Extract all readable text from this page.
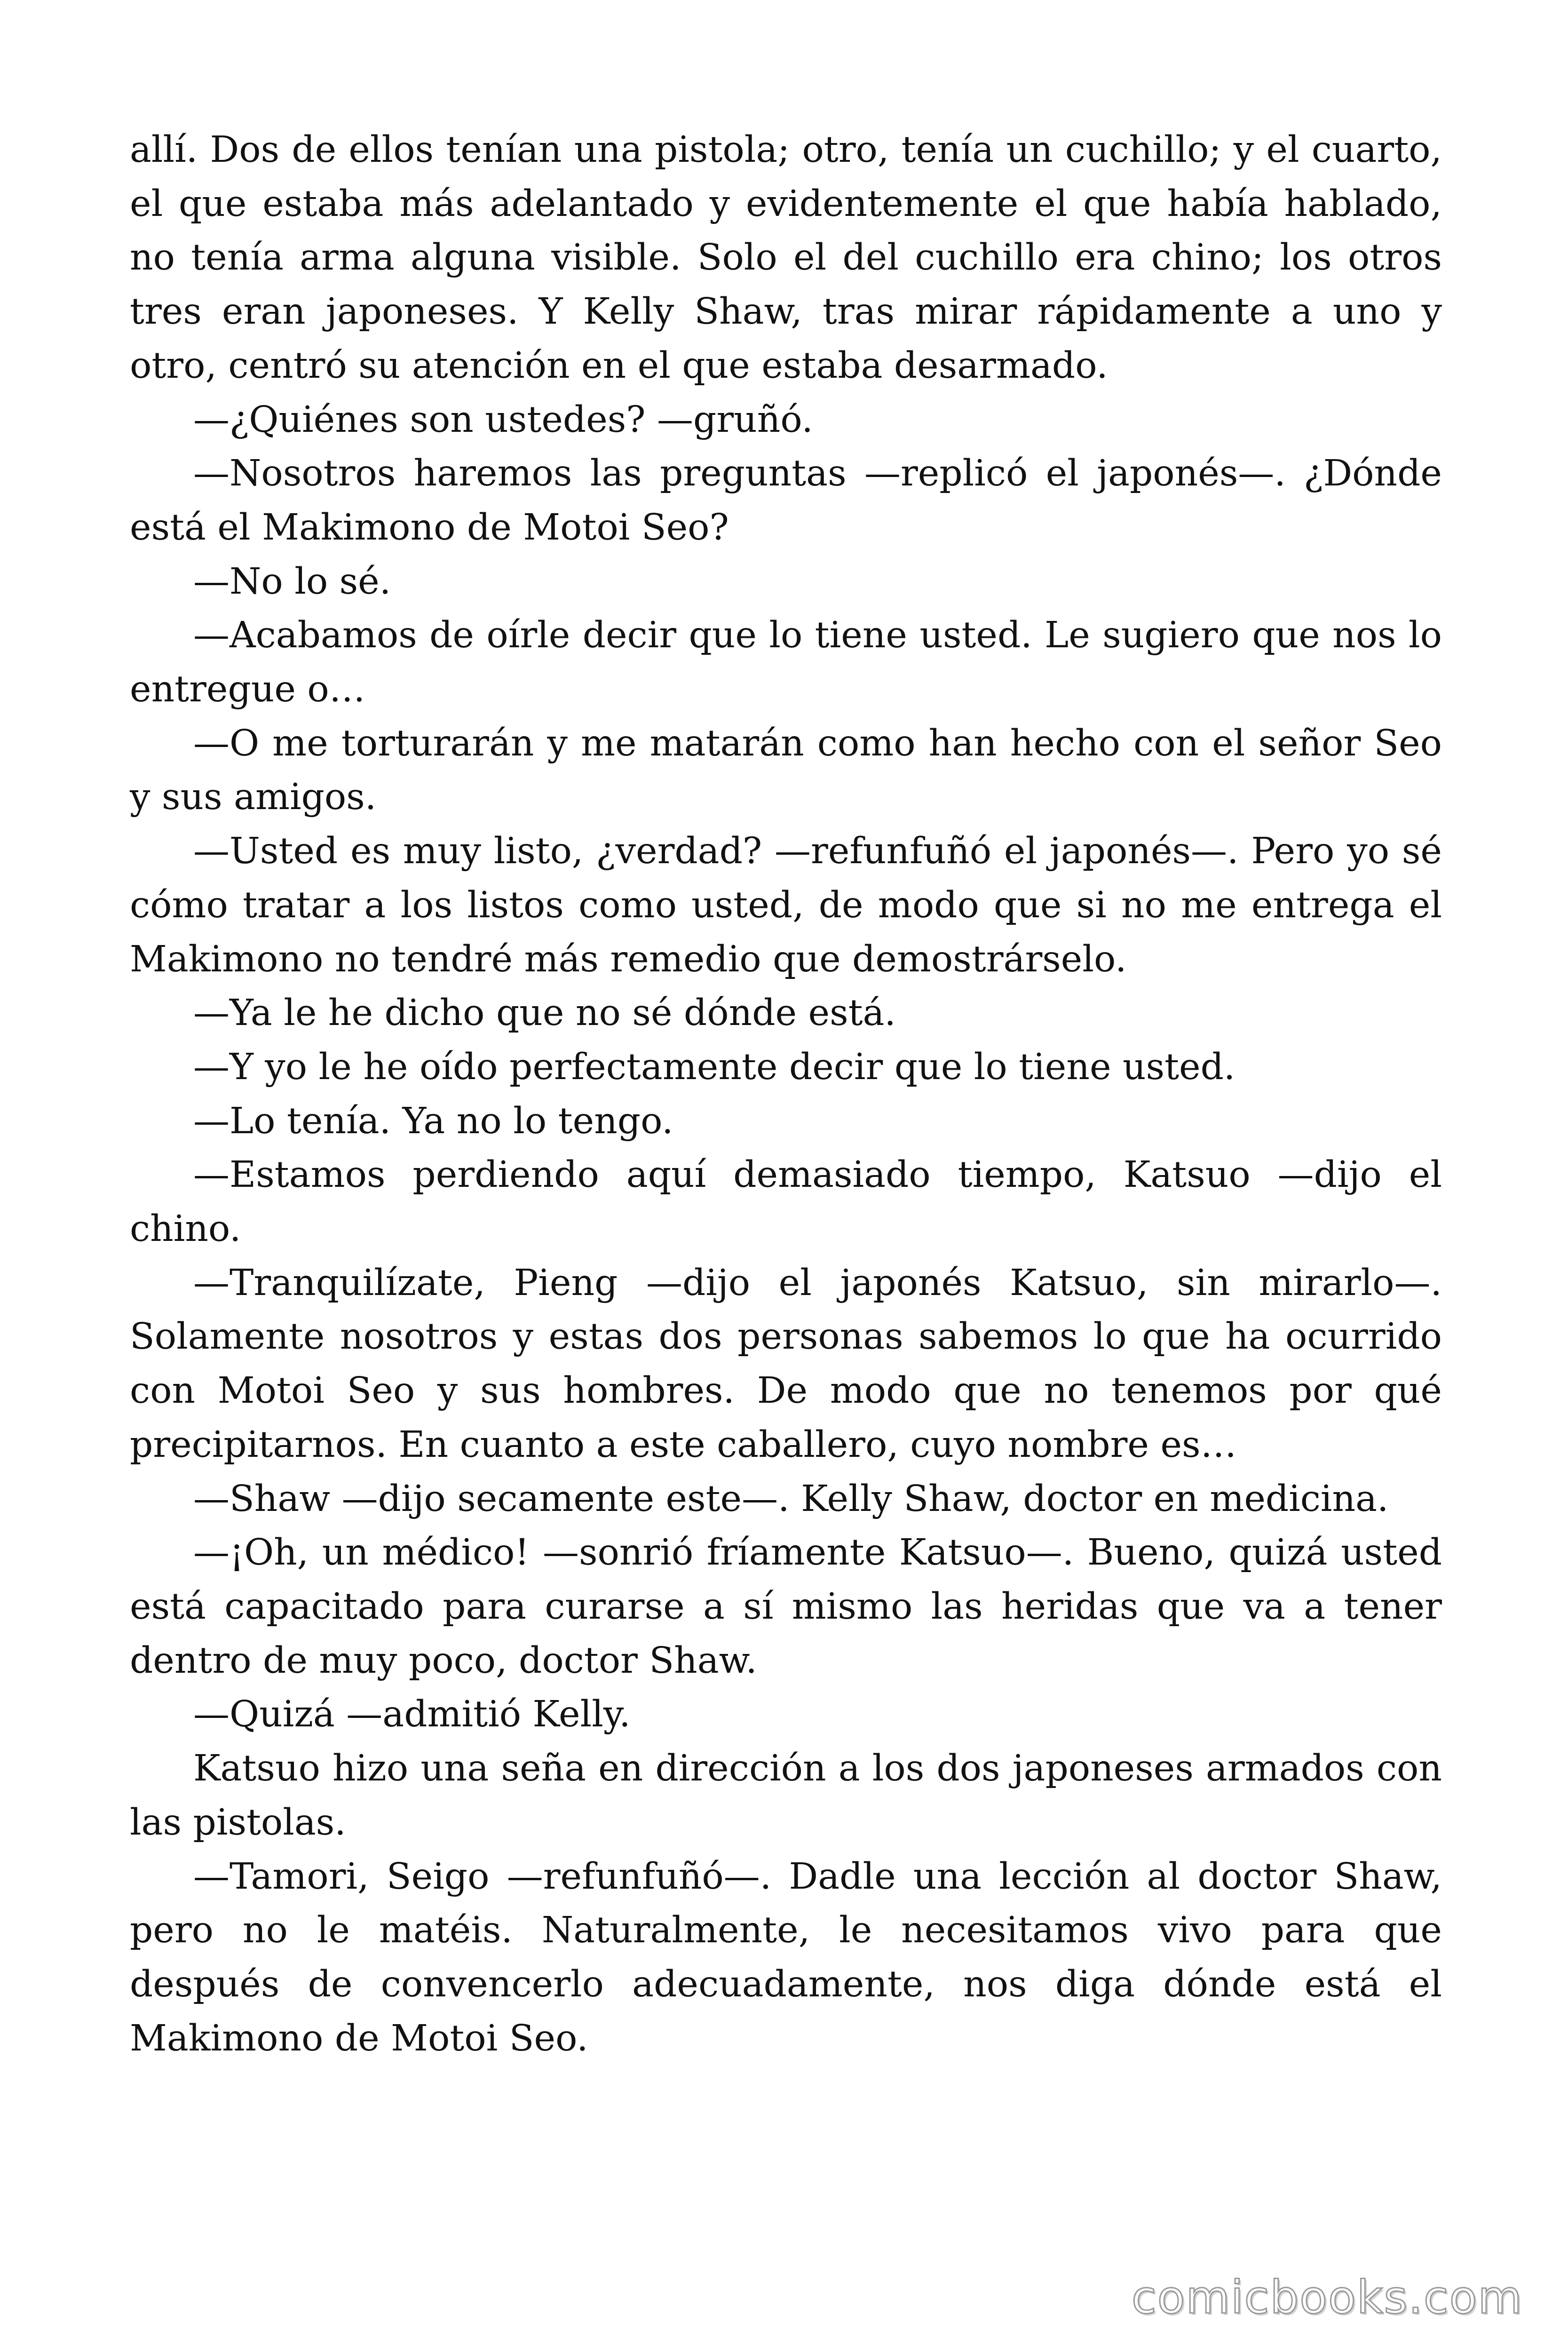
allí. Dos de ellos tenían una pistola; otro, tenía un cuchillo; y el cuarto, el que estaba más adelantado y evidentemente el que había hablado, no tenía arma alguna visible. Solo el del cuchillo era chino; los otros tres eran japoneses. Y Kelly Shaw, tras mirar rápidamente a uno y otro, centró su atención en el que estaba desarmado.

—¿Quiénes son ustedes? —gruñó.

—Nosotros haremos las preguntas —replicó el japonés—. ¿Dónde está el Makimono de Motoi Seo?

—No lo sé.

—Acabamos de oírle decir que lo tiene usted. Le sugiero que nos lo entregue o…

—O me torturarán y me matarán como han hecho con el señor Seo y sus amigos.

—Usted es muy listo, ¿verdad? —refunfuñó el japonés—. Pero yo sé cómo tratar a los listos como usted, de modo que si no me entrega el Makimono no tendré más remedio que demostrárselo.

—Ya le he dicho que no sé dónde está.

—Y yo le he oído perfectamente decir que lo tiene usted.

—Lo tenía. Ya no lo tengo.

—Estamos perdiendo aquí demasiado tiempo, Katsuo —dijo el chino.

—Tranquilízate, Pieng —dijo el japonés Katsuo, sin mirarlo—. Solamente nosotros y estas dos personas sabemos lo que ha ocurrido con Motoi Seo y sus hombres. De modo que no tenemos por qué precipitarnos. En cuanto a este caballero, cuyo nombre es…

—Shaw —dijo secamente este—. Kelly Shaw, doctor en medicina.

—¡Oh, un médico! —sonrió fríamente Katsuo—. Bueno, quizá usted está capacitado para curarse a sí mismo las heridas que va a tener dentro de muy poco, doctor Shaw.

—Quizá —admitió Kelly.

Katsuo hizo una seña en dirección a los dos japoneses armados con las pistolas.

—Tamori, Seigo —refunfuñó—. Dadle una lección al doctor Shaw, pero no le matéis. Naturalmente, le necesitamos vivo para que después de convencerlo adecuadamente, nos diga dónde está el Makimono de Motoi Seo.

comicbooks.com
